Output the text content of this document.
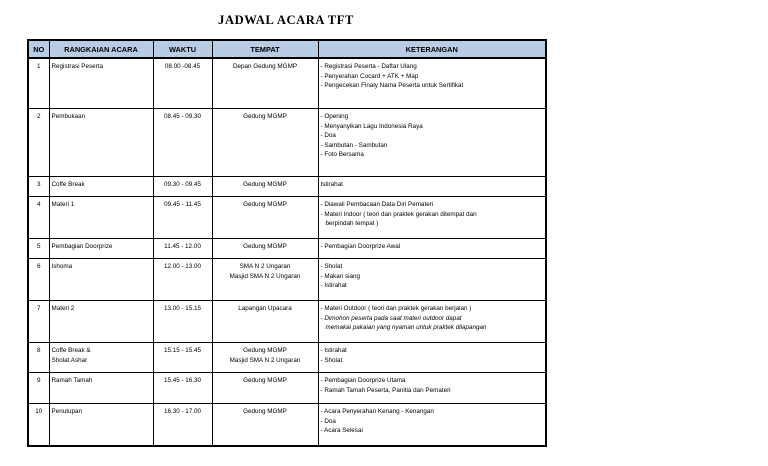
JADWAL ACARA TFT
NO	RANGKAIAN ACARA	WAKTU	TEMPAT	KETERANGAN
1	Registrasi Peserta	08.00 -08.45	Depan Gedung MGMP	- Registrasi Peserta - Daftar Ulang
- Penyerahan Cocard + ATK + Map
- Pengecekan Finaly Nama Peserta untuk Sertifikat

2	Pembukaan	08.45 - 09.30	Gedung MGMP	- Opening
- Menyanyikan Lagu Indonesia Raya
- Doa
- Sambutan - Sambutan
- Foto Bersama

3	Coffe Break	09.30 - 09.45	Gedung MGMP	Istirahat

4	Materi 1	09.45 - 11.45	Gedung MGMP	- Diawali Pembacaan Data Diri Pemateri
- Materi Indoor ( teori dan praktek gerakan ditempat dan
berpindah tempat )

5	Pembagian Doorprize	11.45 - 12.00	Gedung MGMP	- Pembagian Doorprize Awal

6	Ishoma	12.00 - 13.00	SMA N 2 Ungaran
Masjid SMA N 2 Ungaran	- Sholat
- Makan siang
- Istirahat

7	Materi 2	13.00 - 15.15	Lapangan Upacara	- Materi Outdoor ( teori dan praktek gerakan berjalan )
- Dimohon peserta pada saat materi outdoor dapat
memakai pakaian yang nyaman untuk praktek dilapangan

8	Coffe Break &
Sholat Ashar	15.15 - 15.45	Gedung MGMP
Masjid SMA N 2 Ungaran	- Istirahat
- Sholat

9	Ramah Tamah	15.45 - 16.30	Gedung MGMP	- Pembagian Doorprize Utama
- Ramah Tamah Peserta, Panitia dan Pemateri

10	Penutupan	16.30 - 17.00	Gedung MGMP	- Acara Penyerahan Kenang - Kenangan
- Doa
- Acara Selesai
